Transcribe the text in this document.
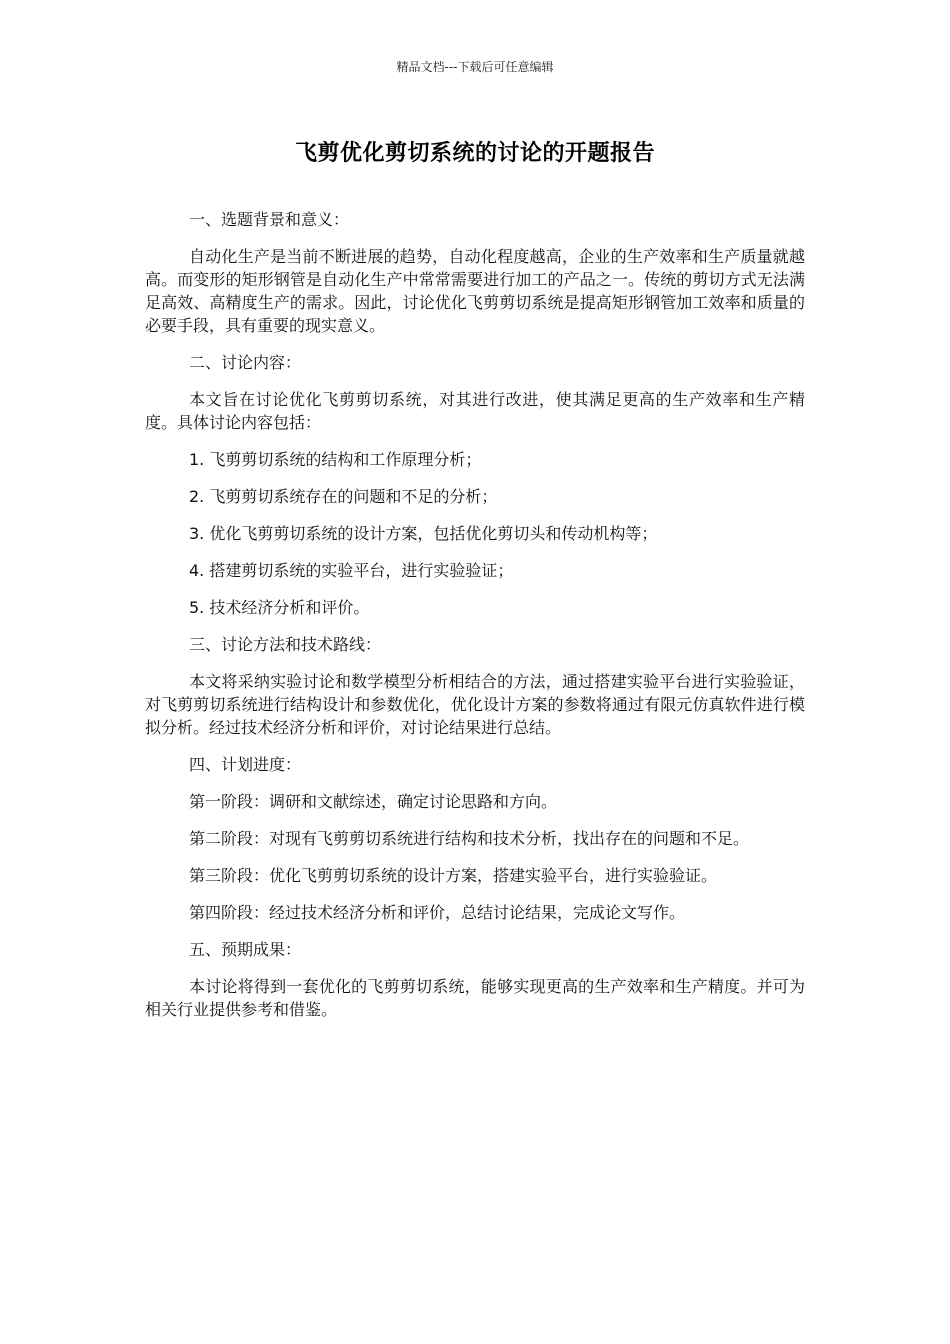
精品文档---下载后可任意编辑
飞剪优化剪切系统的讨论的开题报告

一、选题背景和意义：

自动化生产是当前不断进展的趋势，自动化程度越高，企业的生产效率和生产质量就越高。而变形的矩形钢管是自动化生产中常常需要进行加工的产品之一。传统的剪切方式无法满足高效、高精度生产的需求。因此，讨论优化飞剪剪切系统是提高矩形钢管加工效率和质量的必要手段，具有重要的现实意义。

二、讨论内容：

本文旨在讨论优化飞剪剪切系统，对其进行改进，使其满足更高的生产效率和生产精度。具体讨论内容包括：

1. 飞剪剪切系统的结构和工作原理分析；

2. 飞剪剪切系统存在的问题和不足的分析；

3. 优化飞剪剪切系统的设计方案，包括优化剪切头和传动机构等；

4. 搭建剪切系统的实验平台，进行实验验证；

5. 技术经济分析和评价。

三、讨论方法和技术路线：

本文将采纳实验讨论和数学模型分析相结合的方法，通过搭建实验平台进行实验验证，对飞剪剪切系统进行结构设计和参数优化，优化设计方案的参数将通过有限元仿真软件进行模拟分析。经过技术经济分析和评价，对讨论结果进行总结。

四、计划进度：

第一阶段：调研和文献综述，确定讨论思路和方向。

第二阶段：对现有飞剪剪切系统进行结构和技术分析，找出存在的问题和不足。

第三阶段：优化飞剪剪切系统的设计方案，搭建实验平台，进行实验验证。

第四阶段：经过技术经济分析和评价，总结讨论结果，完成论文写作。

五、预期成果：

本讨论将得到一套优化的飞剪剪切系统，能够实现更高的生产效率和生产精度。并可为相关行业提供参考和借鉴。
